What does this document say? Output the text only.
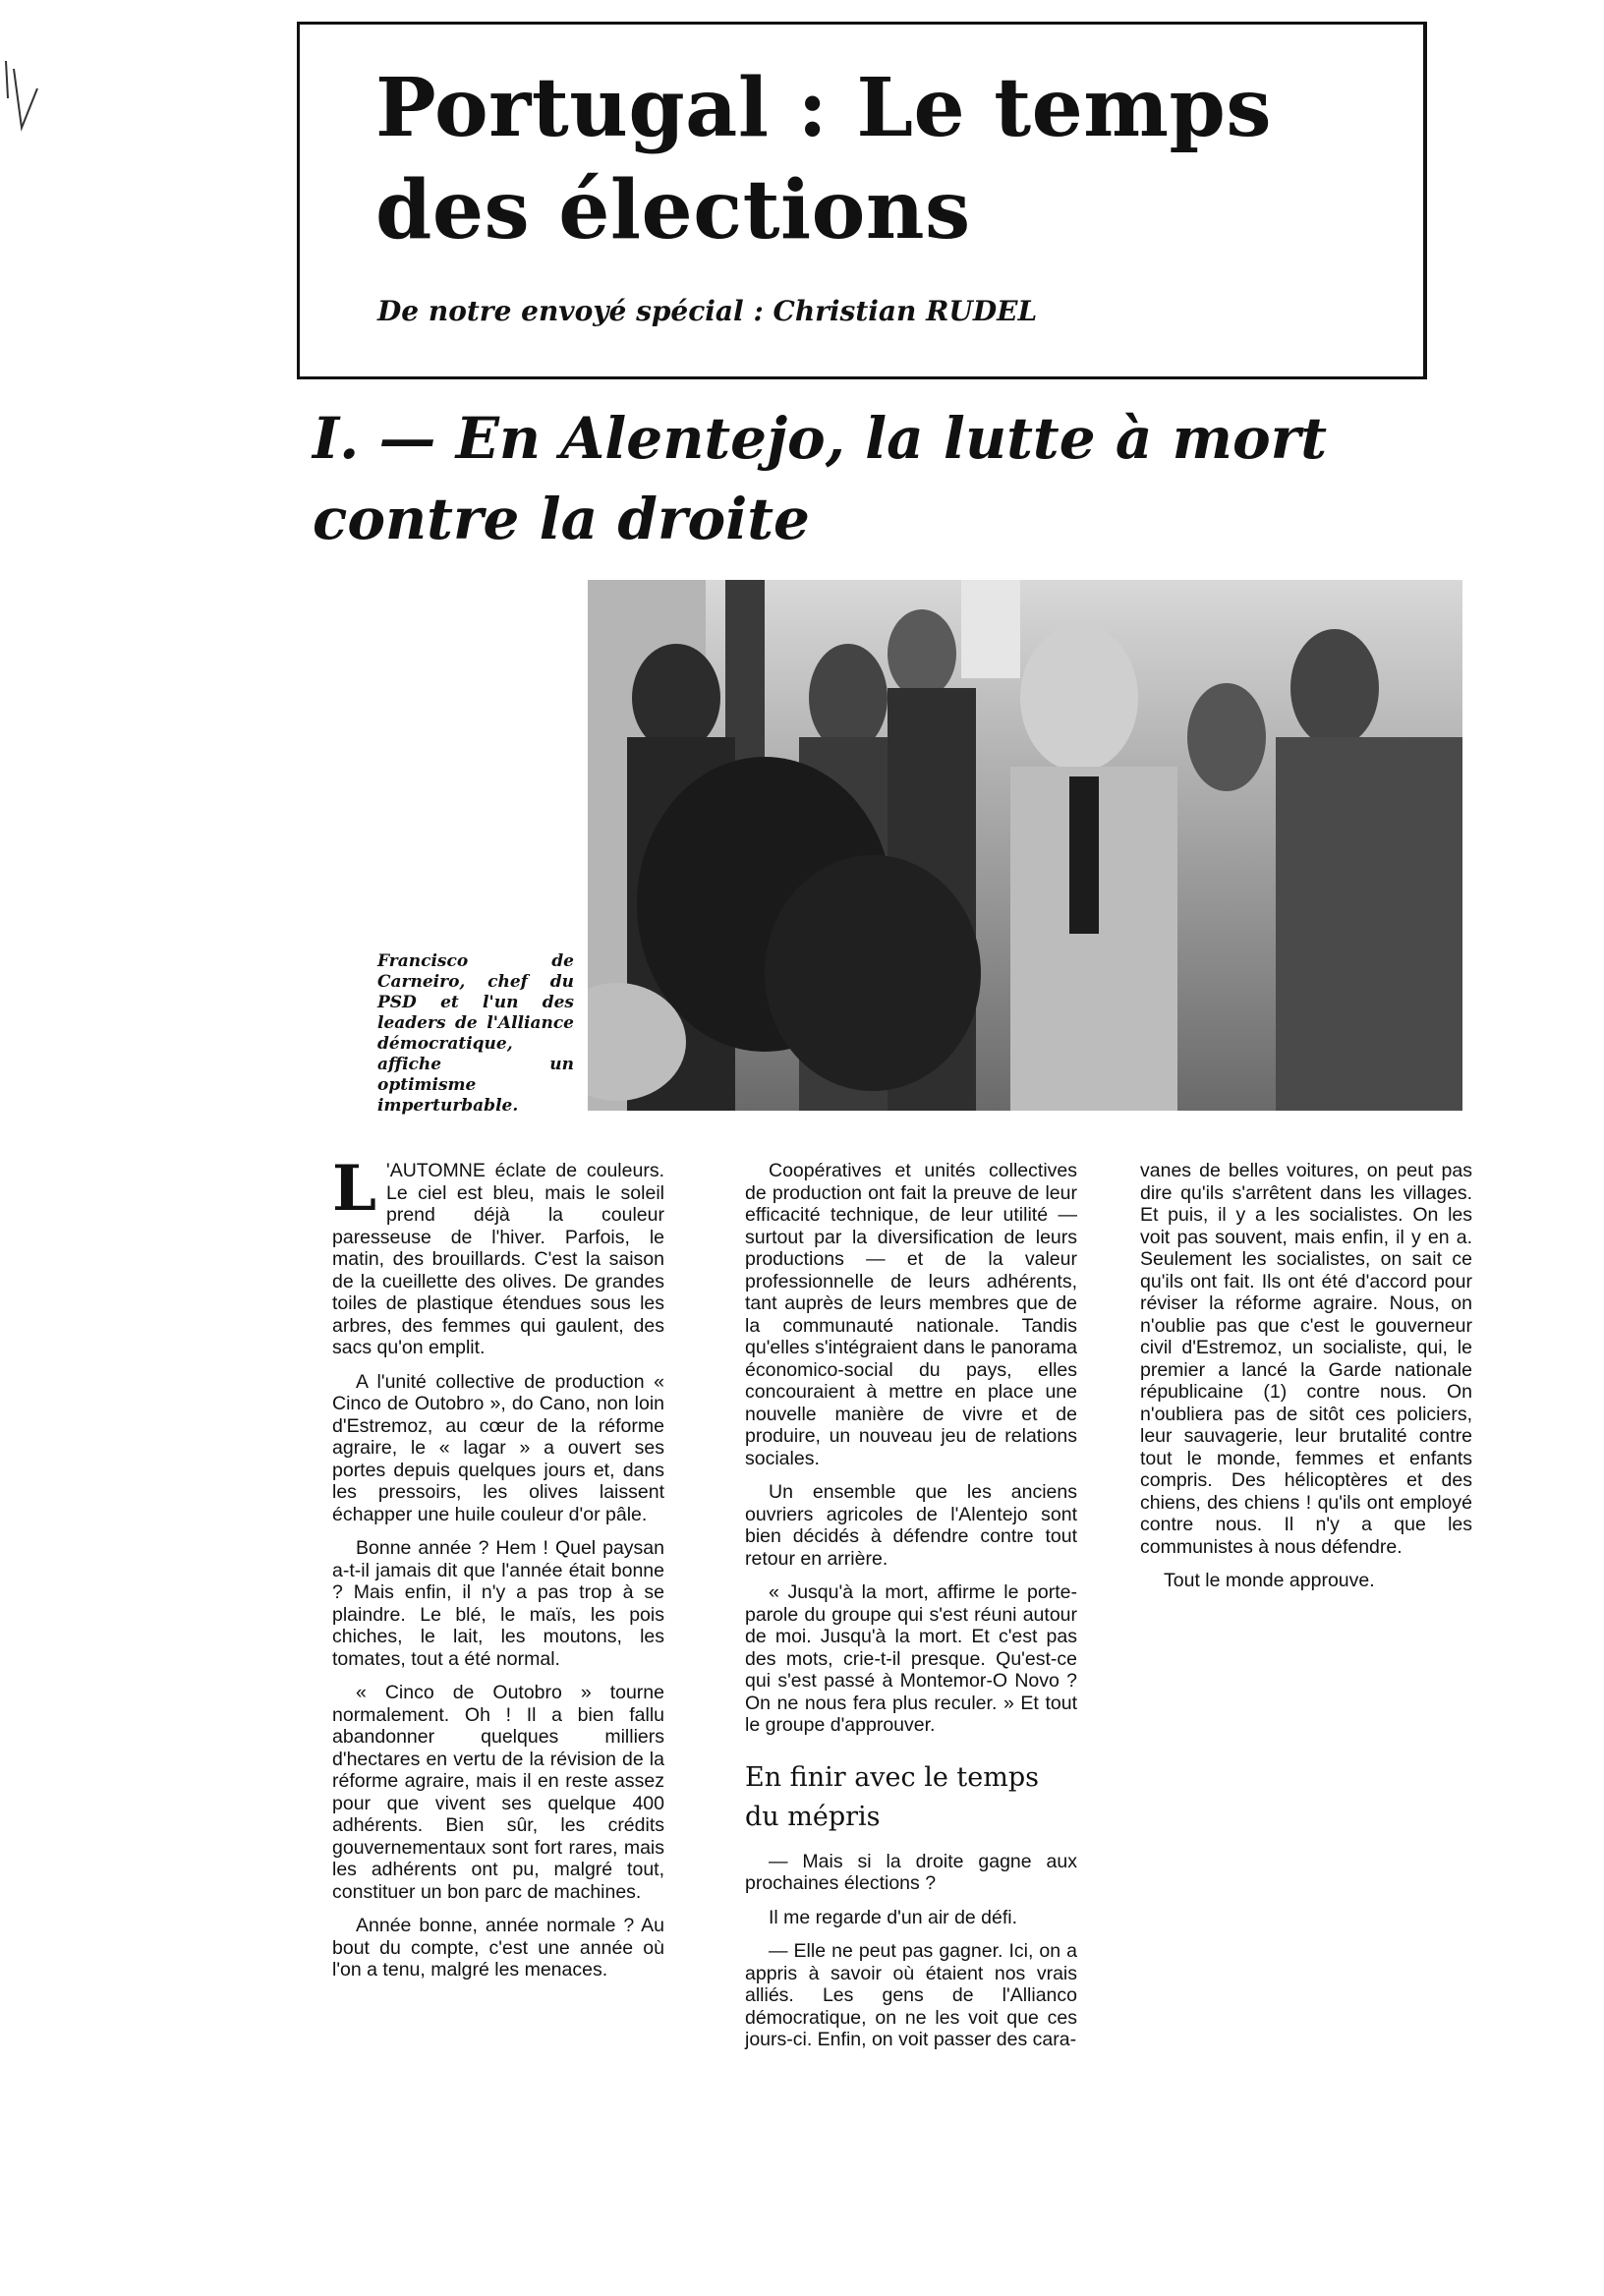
Portugal : Le temps des élections

De notre envoyé spécial : Christian RUDEL

I. — En Alentejo, la lutte à mort contre la droite

Francisco de Carneiro, chef du PSD et l'un des leaders de l'Alliance démocratique, affiche un optimisme imperturbable.

L 'AUTOMNE éclate de couleurs. Le ciel est bleu, mais le soleil prend déjà la couleur paresseuse de l'hiver. Parfois, le matin, des brouillards. C'est la saison de la cueillette des olives. De grandes toiles de plastique étendues sous les arbres, des femmes qui gaulent, des sacs qu'on emplit.

A l'unité collective de production « Cinco de Outobro », do Cano, non loin d'Estremoz, au cœur de la réforme agraire, le « lagar » a ouvert ses portes depuis quelques jours et, dans les pressoirs, les olives laissent échapper une huile couleur d'or pâle.

Bonne année ? Hem ! Quel paysan a-t-il jamais dit que l'année était bonne ? Mais enfin, il n'y a pas trop à se plaindre. Le blé, le maïs, les pois chiches, le lait, les moutons, les tomates, tout a été normal.

« Cinco de Outobro » tourne normalement. Oh ! Il a bien fallu abandonner quelques milliers d'hectares en vertu de la révision de la réforme agraire, mais il en reste assez pour que vivent ses quelque 400 adhérents. Bien sûr, les crédits gouvernementaux sont fort rares, mais les adhérents ont pu, malgré tout, constituer un bon parc de machines.

Année bonne, année normale ? Au bout du compte, c'est une année où l'on a tenu, malgré les menaces.

Coopératives et unités collectives de production ont fait la preuve de leur efficacité technique, de leur utilité — surtout par la diversification de leurs productions — et de la valeur professionnelle de leurs adhérents, tant auprès de leurs membres que de la communauté nationale. Tandis qu'elles s'intégraient dans le panorama économico-social du pays, elles concouraient à mettre en place une nouvelle manière de vivre et de produire, un nouveau jeu de relations sociales.

Un ensemble que les anciens ouvriers agricoles de l'Alentejo sont bien décidés à défendre contre tout retour en arrière.

« Jusqu'à la mort, affirme le porte-parole du groupe qui s'est réuni autour de moi. Jusqu'à la mort. Et c'est pas des mots, crie-t-il presque. Qu'est-ce qui s'est passé à Montemor-O Novo ? On ne nous fera plus reculer. » Et tout le groupe d'approuver.

En finir avec le temps du mépris

— Mais si la droite gagne aux prochaines élections ?

Il me regarde d'un air de défi.

— Elle ne peut pas gagner. Ici, on a appris à savoir où étaient nos vrais alliés. Les gens de l'Allianco démocratique, on ne les voit que ces jours-ci. Enfin, on voit passer des cara-

vanes de belles voitures, on peut pas dire qu'ils s'arrêtent dans les villages. Et puis, il y a les socialistes. On les voit pas souvent, mais enfin, il y en a. Seulement les socialistes, on sait ce qu'ils ont fait. Ils ont été d'accord pour réviser la réforme agraire. Nous, on n'oublie pas que c'est le gouverneur civil d'Estremoz, un socialiste, qui, le premier a lancé la Garde nationale républicaine (1) contre nous. On n'oubliera pas de sitôt ces policiers, leur sauvagerie, leur brutalité contre tout le monde, femmes et enfants compris. Des hélicoptères et des chiens, des chiens ! qu'ils ont employé contre nous. Il n'y a que les communistes à nous défendre.

Tout le monde approuve.
